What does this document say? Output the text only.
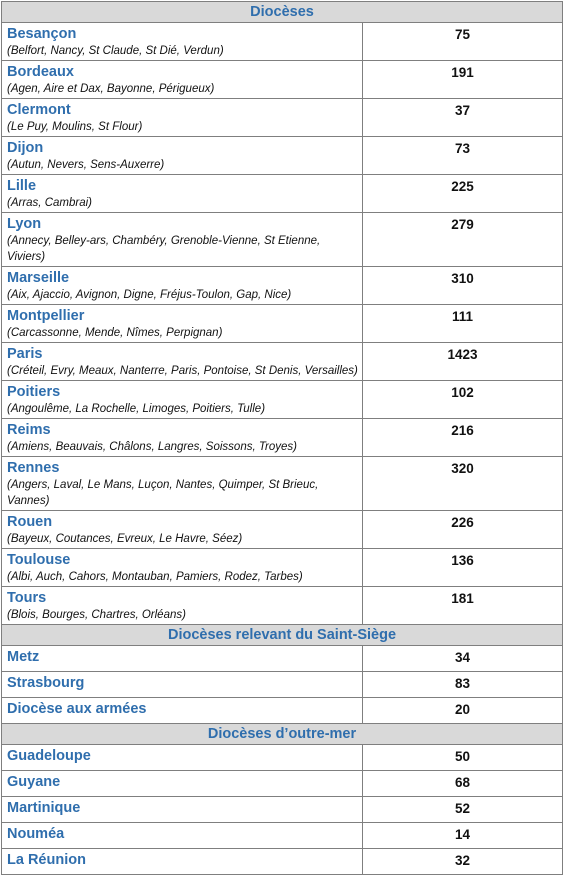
Diocèses	

Besançon
(Belfort, Nancy, St Claude, St Dié, Verdun)	75

Bordeaux
(Agen, Aire et Dax, Bayonne, Périgueux)	191

Clermont
(Le Puy, Moulins, St Flour)	37

Dijon
(Autun, Nevers, Sens-Auxerre)	73

Lille
(Arras, Cambrai)	225

Lyon
(Annecy, Belley-ars, Chambéry, Grenoble-Vienne, St Etienne, Viviers)	279

Marseille
(Aix, Ajaccio, Avignon, Digne, Fréjus-Toulon, Gap, Nice)	310

Montpellier
(Carcassonne, Mende, Nîmes, Perpignan)	111

Paris
(Créteil, Evry, Meaux, Nanterre, Paris, Pontoise, St Denis, Versailles)	1423

Poitiers
(Angoulême, La Rochelle, Limoges, Poitiers, Tulle)	102

Reims
(Amiens, Beauvais, Châlons, Langres, Soissons, Troyes)	216

Rennes
(Angers, Laval, Le Mans, Luçon, Nantes, Quimper, St Brieuc, Vannes)	320

Rouen
(Bayeux, Coutances, Evreux, Le Havre, Séez)	226

Toulouse
(Albi, Auch, Cahors, Montauban, Pamiers, Rodez, Tarbes)	136

Tours
(Blois, Bourges, Chartres, Orléans)	181
Diocèses relevant du Saint-Siège	

Metz	34

Strasbourg	83

Diocèse aux armées	20
Diocèses d’outre-mer	

Guadeloupe	50

Guyane	68

Martinique	52

Nouméa	14

La Réunion	32
